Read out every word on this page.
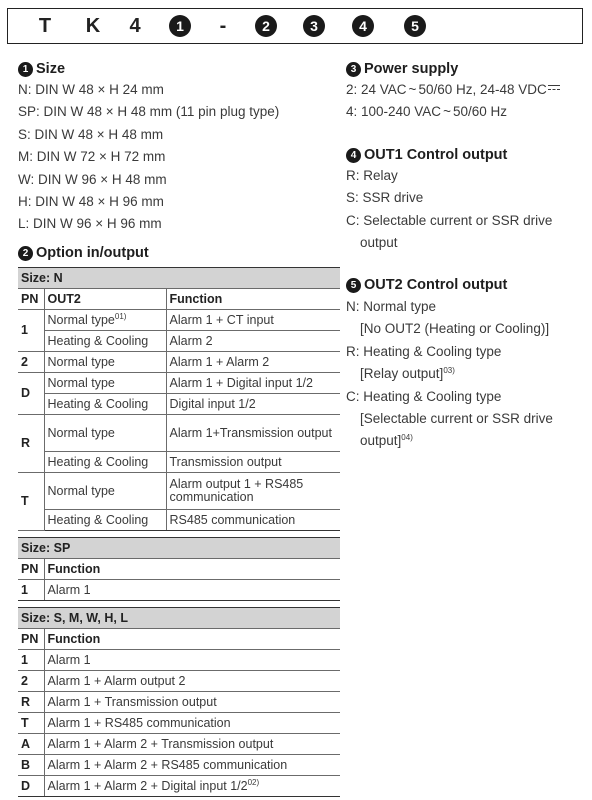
T K 4	1	-	2	3	4	5
1 Size
N: DIN W 48 × H 24 mm
SP: DIN W 48 × H 48 mm (11 pin plug type)
S: DIN W 48 × H 48 mm
M: DIN W 72 × H 72 mm
W: DIN W 96 × H 48 mm
H: DIN W 48 × H 96 mm
L: DIN W 96 × H 96 mm
2 Option in/output
Size: N		
PN	OUT2	Function
1	Normal type$^{01)}$	Alarm 1 + CT input
	Heating & Cooling	Alarm 2
2	Normal type	Alarm 1 + Alarm 2
D	Normal type	Alarm 1 + Digital input 1/2
	Heating & Cooling	Digital input 1/2
R	Normal type	Alarm 1+Transmission output
	Heating & Cooling	Transmission output
T	Normal type	Alarm output 1 + RS485 communication
	Heating & Cooling	RS485 communication
Size: SP	
PN	Function
1	Alarm 1
Size: S, M, W, H, L	
PN	Function
1	Alarm 1
2	Alarm 1 + Alarm output 2
R	Alarm 1 + Transmission output
T	Alarm 1 + RS485 communication
A	Alarm 1 + Alarm 2 + Transmission output
B	Alarm 1 + Alarm 2 + RS485 communication
D	Alarm 1 + Alarm 2 + Digital input 1/2$^{02)}$
3 Power supply
2: 24 VAC ~ 50/60 Hz, 24-48 VDC
4: 100-240 VAC ~ 50/60 Hz
4 OUT1 Control output
R: Relay
S: SSR drive
C: Selectable current or SSR drive
output
5 OUT2 Control output
N: Normal type
[No OUT2 (Heating or Cooling)]
R: Heating & Cooling type
[Relay output]$^{03)}$
C: Heating & Cooling type
[Selectable current or SSR drive
output]$^{04)}$
